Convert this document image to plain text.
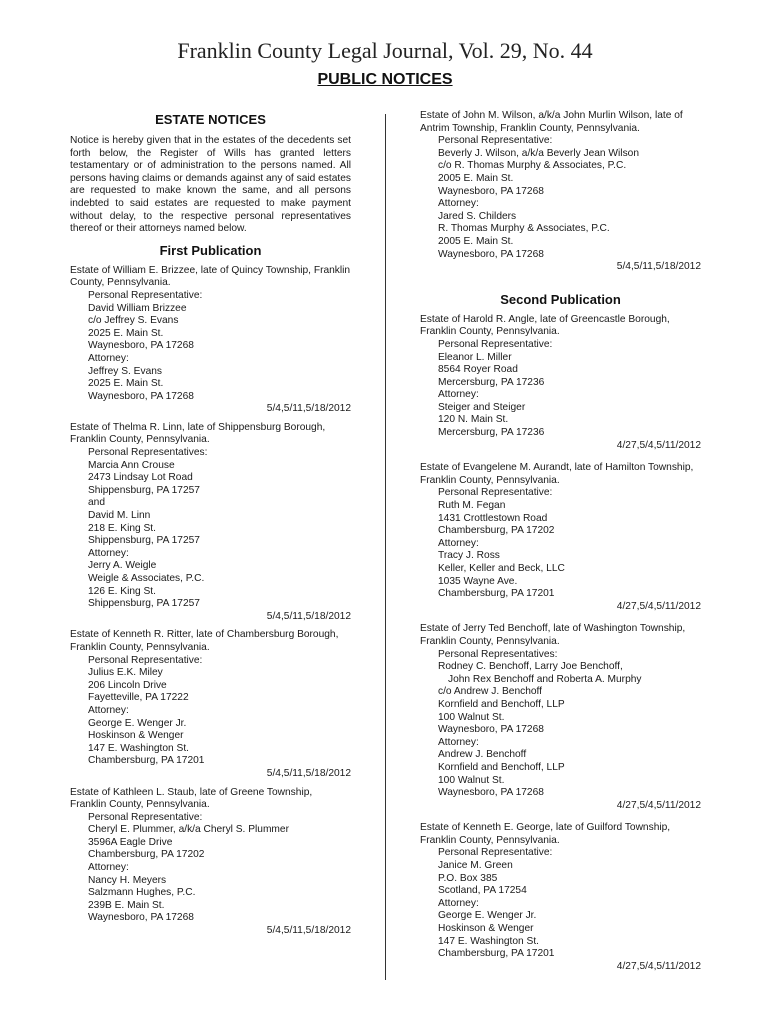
Franklin County Legal Journal, Vol. 29, No. 44
PUBLIC NOTICES
ESTATE NOTICES
Notice is hereby given that in the estates of the decedents set forth below, the Register of Wills has granted letters testamentary or of administration to the persons named. All persons having claims or demands against any of said estates are requested to make known the same, and all persons indebted to said estates are requested to make payment without delay, to the respective personal representatives thereof or their attorneys named below.
First Publication
Estate of William E. Brizzee, late of Quincy Township, Franklin County, Pennsylvania.
Personal Representative:
David William Brizzee
c/o Jeffrey S. Evans
2025 E. Main St.
Waynesboro, PA 17268
Attorney:
Jeffrey S. Evans
2025 E. Main St.
Waynesboro, PA 17268
5/4,5/11,5/18/2012
Estate of Thelma R. Linn, late of Shippensburg Borough, Franklin County, Pennsylvania.
Personal Representatives:
Marcia Ann Crouse
2473 Lindsay Lot Road
Shippensburg, PA 17257
and
David M. Linn
218 E. King St.
Shippensburg, PA 17257
Attorney:
Jerry A. Weigle
Weigle & Associates, P.C.
126 E. King St.
Shippensburg, PA 17257
5/4,5/11,5/18/2012
Estate of Kenneth R. Ritter, late of Chambersburg Borough, Franklin County, Pennsylvania.
Personal Representative:
Julius E.K. Miley
206 Lincoln Drive
Fayetteville, PA 17222
Attorney:
George E. Wenger Jr.
Hoskinson & Wenger
147 E. Washington St.
Chambersburg, PA 17201
5/4,5/11,5/18/2012
Estate of Kathleen L. Staub, late of Greene Township, Franklin County, Pennsylvania.
Personal Representative:
Cheryl E. Plummer, a/k/a Cheryl S. Plummer
3596A Eagle Drive
Chambersburg, PA 17202
Attorney:
Nancy H. Meyers
Salzmann Hughes, P.C.
239B E. Main St.
Waynesboro, PA 17268
5/4,5/11,5/18/2012
Estate of John M. Wilson, a/k/a John Murlin Wilson, late of Antrim Township, Franklin County, Pennsylvania.
Personal Representative:
Beverly J. Wilson, a/k/a Beverly Jean Wilson
c/o R. Thomas Murphy & Associates, P.C.
2005 E. Main St.
Waynesboro, PA 17268
Attorney:
Jared S. Childers
R. Thomas Murphy & Associates, P.C.
2005 E. Main St.
Waynesboro, PA 17268
5/4,5/11,5/18/2012
Second Publication
Estate of Harold R. Angle, late of Greencastle Borough, Franklin County, Pennsylvania.
Personal Representative:
Eleanor L. Miller
8564 Royer Road
Mercersburg, PA 17236
Attorney:
Steiger and Steiger
120 N. Main St.
Mercersburg, PA 17236
4/27,5/4,5/11/2012
Estate of Evangelene M. Aurandt, late of Hamilton Township, Franklin County, Pennsylvania.
Personal Representative:
Ruth M. Fegan
1431 Crottlestown Road
Chambersburg, PA 17202
Attorney:
Tracy J. Ross
Keller, Keller and Beck, LLC
1035 Wayne Ave.
Chambersburg, PA 17201
4/27,5/4,5/11/2012
Estate of Jerry Ted Benchoff, late of Washington Township, Franklin County, Pennsylvania.
Personal Representatives:
Rodney C. Benchoff, Larry Joe Benchoff,
John Rex Benchoff and Roberta A. Murphy
c/o Andrew J. Benchoff
Kornfield and Benchoff, LLP
100 Walnut St.
Waynesboro, PA 17268
Attorney:
Andrew J. Benchoff
Kornfield and Benchoff, LLP
100 Walnut St.
Waynesboro, PA 17268
4/27,5/4,5/11/2012
Estate of Kenneth E. George, late of Guilford Township, Franklin County, Pennsylvania.
Personal Representative:
Janice M. Green
P.O. Box 385
Scotland, PA 17254
Attorney:
George E. Wenger Jr.
Hoskinson & Wenger
147 E. Washington St.
Chambersburg, PA 17201
4/27,5/4,5/11/2012
